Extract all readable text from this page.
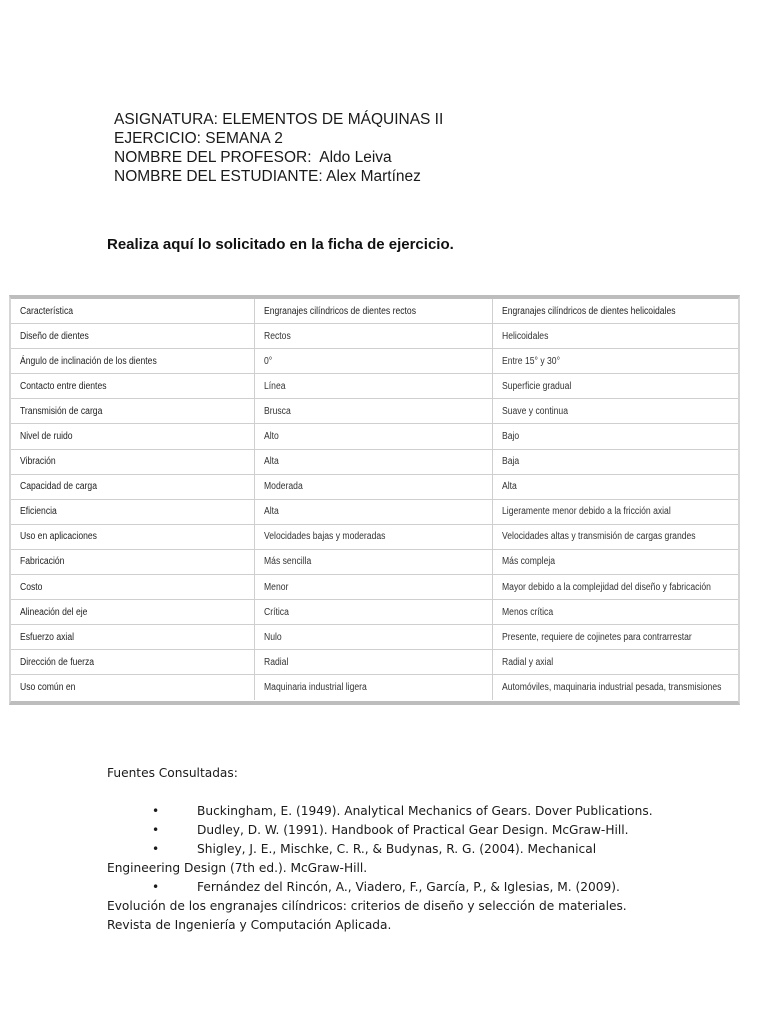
ASIGNATURA: ELEMENTOS DE MÁQUINAS II
EJERCICIO: SEMANA 2
NOMBRE DEL PROFESOR:  Aldo Leiva
NOMBRE DEL ESTUDIANTE: Alex Martínez
Realiza aquí lo solicitado en la ficha de ejercicio.
Característica	Engranajes cilíndricos de dientes rectos	Engranajes cilíndricos de dientes helicoidales
Diseño de dientes	Rectos	Helicoidales
Ángulo de inclinación de los dientes	0°	Entre 15° y 30°
Contacto entre dientes	Línea	Superficie gradual
Transmisión de carga	Brusca	Suave y continua
Nivel de ruido	Alto	Bajo
Vibración	Alta	Baja
Capacidad de carga	Moderada	Alta
Eficiencia	Alta	Ligeramente menor debido a la fricción axial
Uso en aplicaciones	Velocidades bajas y moderadas	Velocidades altas y transmisión de cargas grandes
Fabricación	Más sencilla	Más compleja
Costo	Menor	Mayor debido a la complejidad del diseño y fabricación
Alineación del eje	Crítica	Menos crítica
Esfuerzo axial	Nulo	Presente, requiere de cojinetes para contrarrestar
Dirección de fuerza	Radial	Radial y axial
Uso común en	Maquinaria industrial ligera	Automóviles, maquinaria industrial pesada, transmisiones
Fuentes Consultadas:
•	Buckingham, E. (1949). Analytical Mechanics of Gears. Dover Publications.
•	Dudley, D. W. (1991). Handbook of Practical Gear Design. McGraw-Hill.
•	Shigley, J. E., Mischke, C. R., & Budynas, R. G. (2004). Mechanical
Engineering Design (7th ed.). McGraw-Hill.
•	Fernández del Rincón, A., Viadero, F., García, P., & Iglesias, M. (2009).
Evolución de los engranajes cilíndricos: criterios de diseño y selección de materiales. Revista de Ingeniería y Computación Aplicada.
